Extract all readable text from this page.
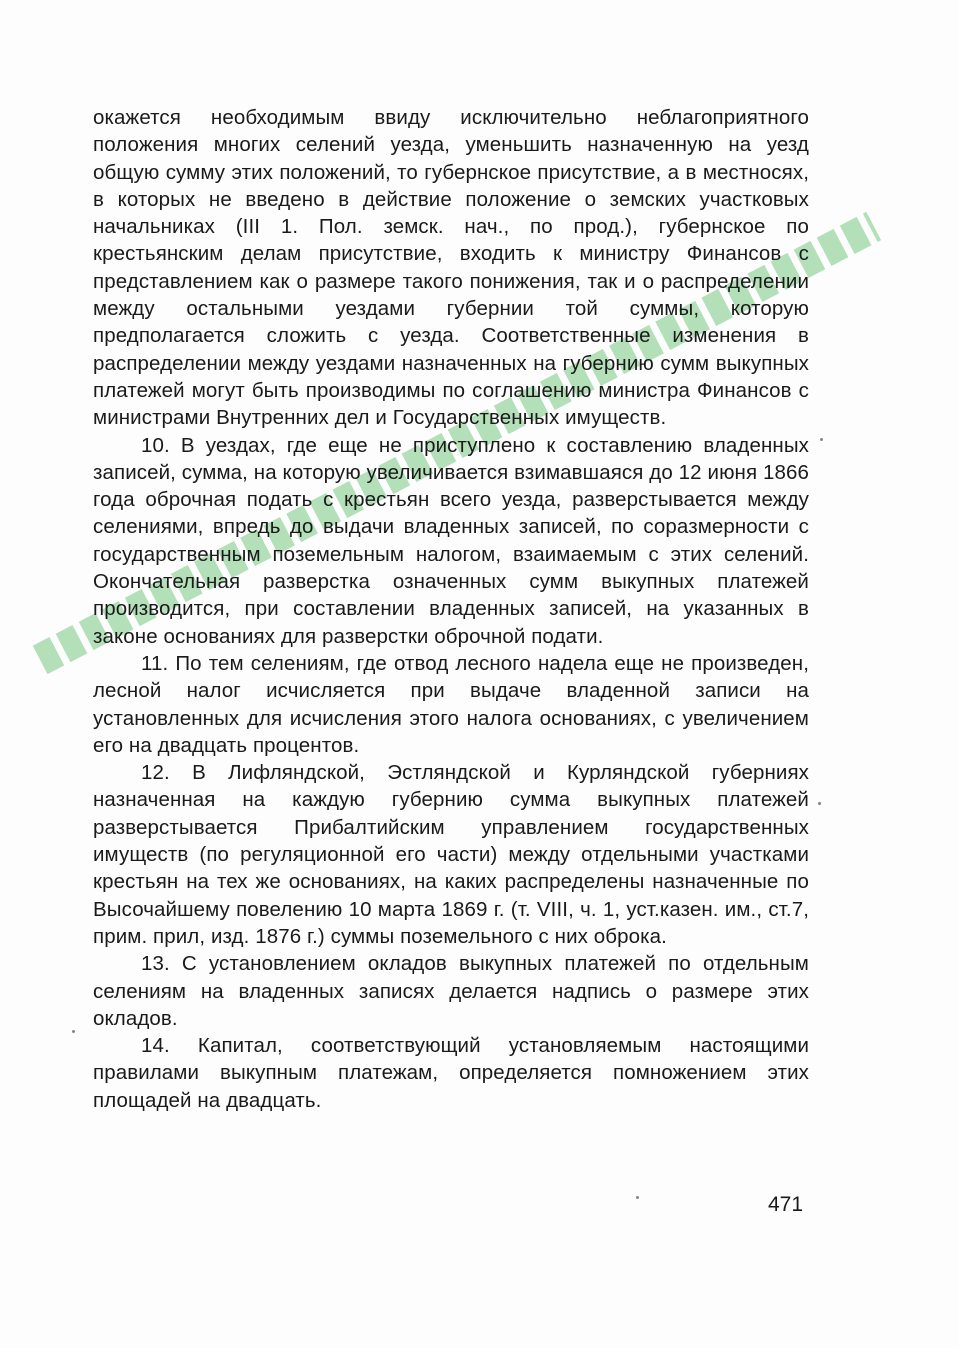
окажется необходимым ввиду исключительно неблагоприятного положения многих селений уезда, уменьшить назначенную на уезд общую сумму этих положений, то губернское присутствие, а в местносях, в которых не введено в действие положение о земских участковых начальниках (III 1. Пол. земск. нач., по прод.), губернское по крестьянским делам присутствие, входить к министру Финансов с представлением как о размере такого понижения, так и о распределении между остальными уездами губернии той суммы, которую предполагается сложить с уезда. Соответственные изменения в распределении между уездами назначенных на губернию сумм выкупных платежей могут быть производимы по соглашению министра Финансов с министрами Внутренних дел и Государственных имуществ.

10. В уездах, где еще не приступлено к составлению владенных записей, сумма, на которую увеличивается взимавшаяся до 12 июня 1866 года оброчная подать с крестьян всего уезда, разверстывается между селениями, впредь до выдачи владенных записей, по соразмерности с государственным поземельным налогом, взаимаемым с этих селений. Окончательная разверстка означенных сумм выкупных платежей производится, при составлении владенных записей, на указанных в законе основаниях для разверстки оброчной подати.

11. По тем селениям, где отвод лесного надела еще не произведен, лесной налог исчисляется при выдаче владенной записи на установленных для исчисления этого налога основаниях, с увеличением его на двадцать процентов.

12. В Лифляндской, Эстляндской и Курляндской губерниях назначенная на каждую губернию сумма выкупных платежей разверстывается Прибалтийским управлением государственных имуществ (по регуляционной его части) между отдельными участками крестьян на тех же основаниях, на каких распределены назначенные по Высочайшему повелению 10 марта 1869 г. (т. VIII, ч. 1, уст.казен. им., ст.7, прим. прил, изд. 1876 г.) суммы поземельного с них оброка.

13. С установлением окладов выкупных платежей по отдельным селениям на владенных записях делается надпись о размере этих окладов.

14. Капитал, соответствующий установляемым настоящими правилами выкупным платежам, определяется помножением этих площадей на двадцать.

471
